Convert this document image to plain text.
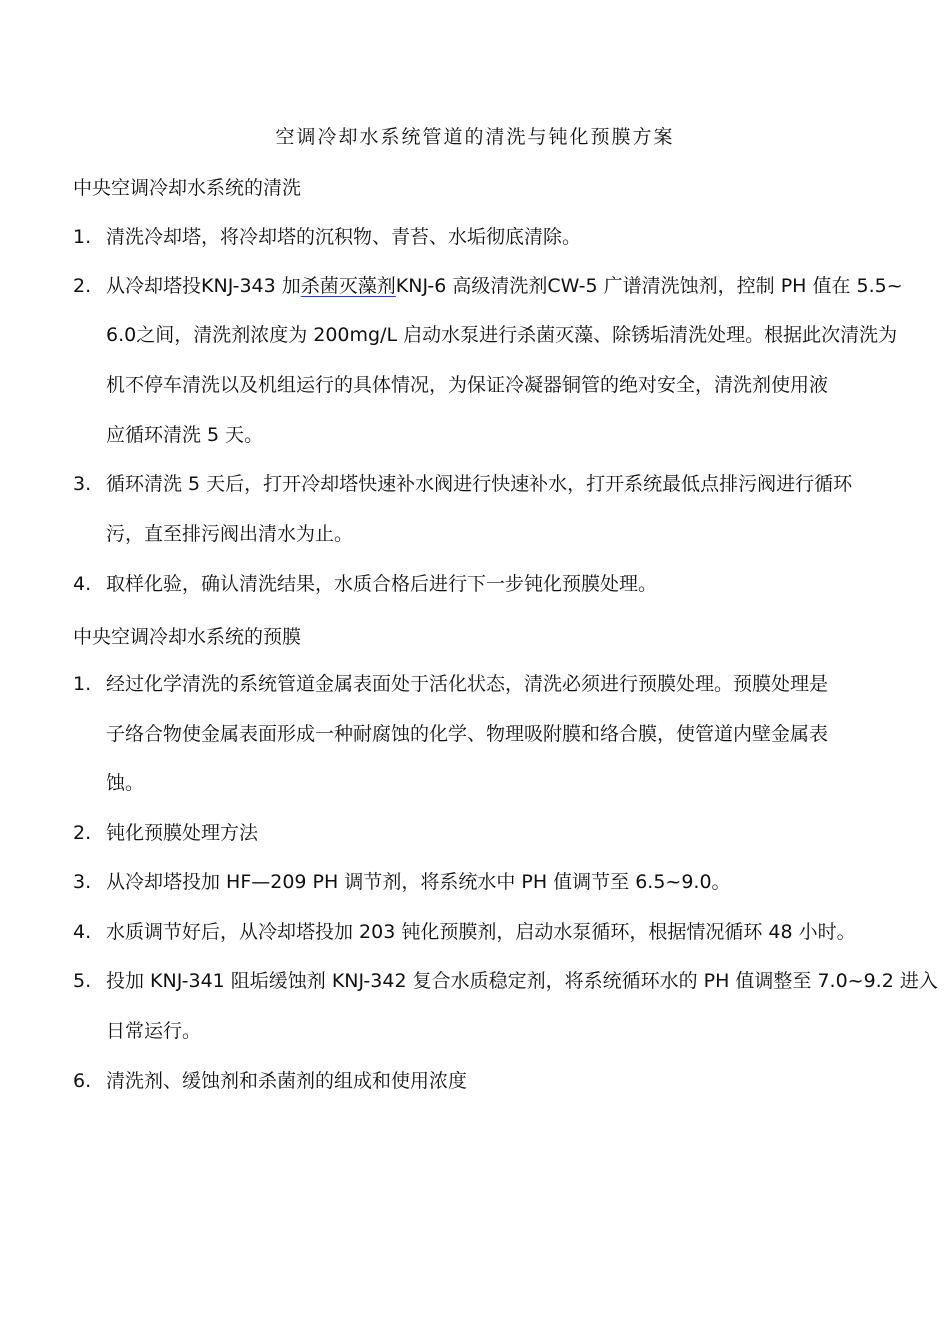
空调冷却水系统管道的清洗与钝化预膜方案
中央空调冷却水系统的清洗
1. 清洗冷却塔，将冷却塔的沉积物、青苔、水垢彻底清除。
2. 从冷却塔投KNJ-343 加杀菌灭藻剂KNJ-6 高级清洗剂CW-5 广谱清洗蚀剂，控制 PH 值在 5.5~
6.0之间，清洗剂浓度为 200mg/L 启动水泵进行杀菌灭藻、除锈垢清洗处理。根据此次清洗为
机不停车清洗以及机组运行的具体情况，为保证冷凝器铜管的绝对安全，清洗剂使用液
应循环清洗 5 天。
3. 循环清洗 5 天后，打开冷却塔快速补水阀进行快速补水，打开系统最低点排污阀进行循环
污，直至排污阀出清水为止。
4. 取样化验，确认清洗结果，水质合格后进行下一步钝化预膜处理。
中央空调冷却水系统的预膜
1. 经过化学清洗的系统管道金属表面处于活化状态，清洗必须进行预膜处理。预膜处理是
子络合物使金属表面形成一种耐腐蚀的化学、物理吸附膜和络合膜，使管道内壁金属表
蚀。
2. 钝化预膜处理方法
3. 从冷却塔投加 HF—209 PH 调节剂，将系统水中 PH 值调节至 6.5~9.0。
4. 水质调节好后，从冷却塔投加 203 钝化预膜剂，启动水泵循环，根据情况循环 48 小时。
5. 投加 KNJ-341 阻垢缓蚀剂 KNJ-342 复合水质稳定剂，将系统循环水的 PH 值调整至 7.0~9.2 进入
日常运行。
6. 清洗剂、缓蚀剂和杀菌剂的组成和使用浓度
